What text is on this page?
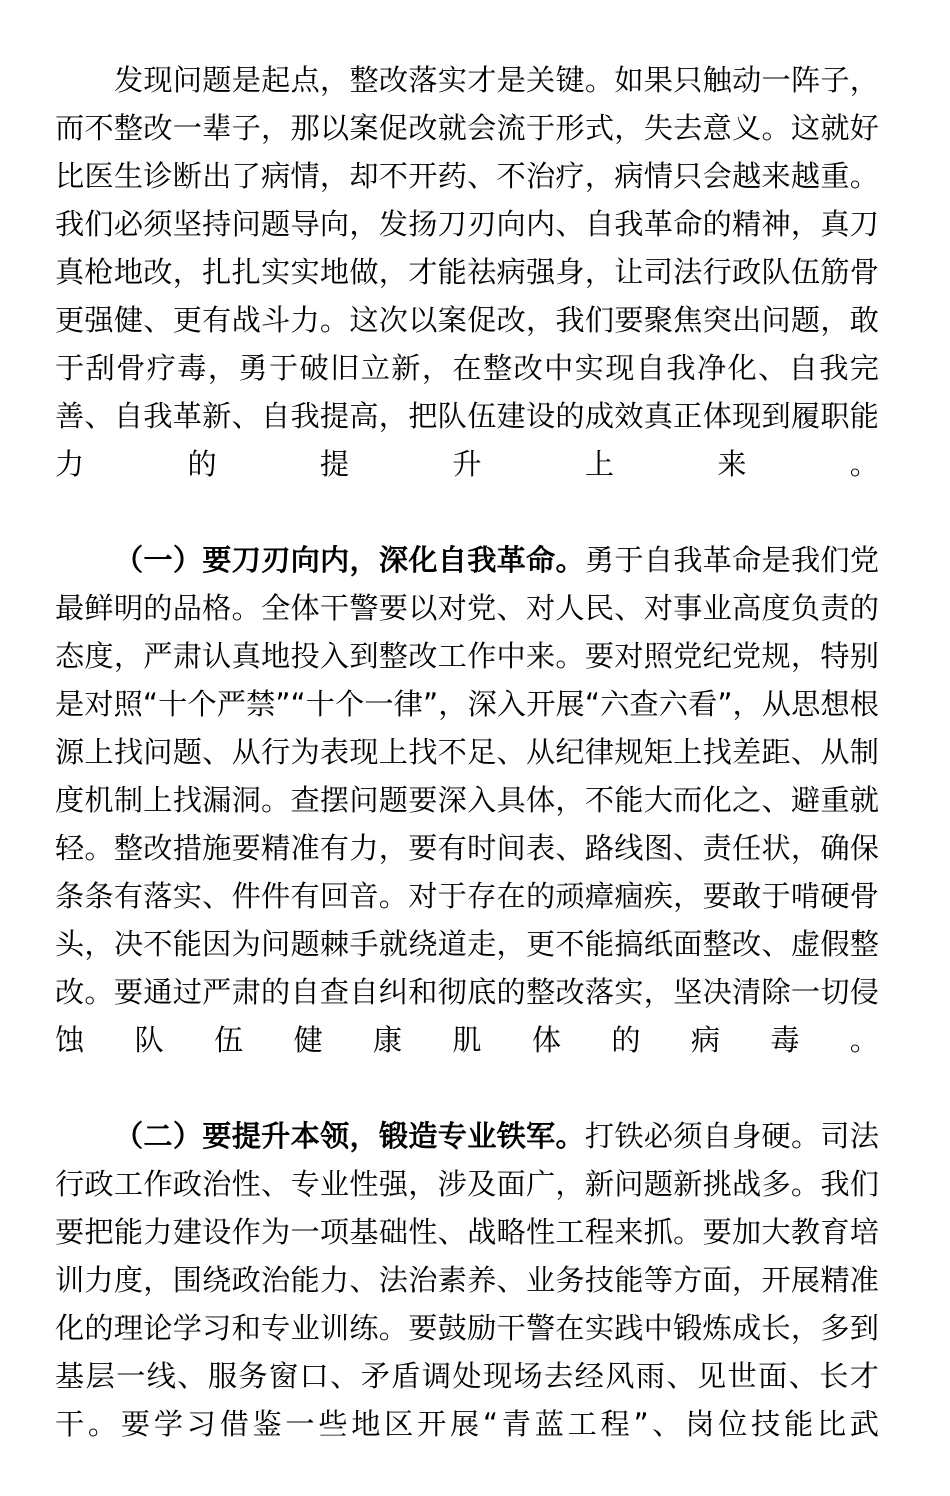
发现问题是起点，整改落实才是关键。如果只触动一阵子，而不整改一辈子，那以案促改就会流于形式，失去意义。这就好比医生诊断出了病情，却不开药、不治疗，病情只会越来越重。我们必须坚持问题导向，发扬刀刃向内、自我革命的精神，真刀真枪地改，扎扎实实地做，才能祛病强身，让司法行政队伍筋骨更强健、更有战斗力。这次以案促改，我们要聚焦突出问题，敢于刮骨疗毒，勇于破旧立新，在整改中实现自我净化、自我完善、自我革新、自我提高，把队伍建设的成效真正体现到履职能力的提升上来。

（一）要刀刃向内，深化自我革命。勇于自我革命是我们党最鲜明的品格。全体干警要以对党、对人民、对事业高度负责的态度，严肃认真地投入到整改工作中来。要对照党纪党规，特别是对照“十个严禁”“十个一律”，深入开展“六查六看”，从思想根源上找问题、从行为表现上找不足、从纪律规矩上找差距、从制度机制上找漏洞。查摆问题要深入具体，不能大而化之、避重就轻。整改措施要精准有力，要有时间表、路线图、责任状，确保条条有落实、件件有回音。对于存在的顽瘴痼疾，要敢于啃硬骨头，决不能因为问题棘手就绕道走，更不能搞纸面整改、虚假整改。要通过严肃的自查自纠和彻底的整改落实，坚决清除一切侵蚀队伍健康肌体的病毒。

（二）要提升本领，锻造专业铁军。打铁必须自身硬。司法行政工作政治性、专业性强，涉及面广，新问题新挑战多。我们要把能力建设作为一项基础性、战略性工程来抓。要加大教育培训力度，围绕政治能力、法治素养、业务技能等方面，开展精准化的理论学习和专业训练。要鼓励干警在实践中锻炼成长，多到基层一线、服务窗口、矛盾调处现场去经风雨、见世面、长才干。要学习借鉴一些地区开展“青蓝工程”、岗位技能比武
